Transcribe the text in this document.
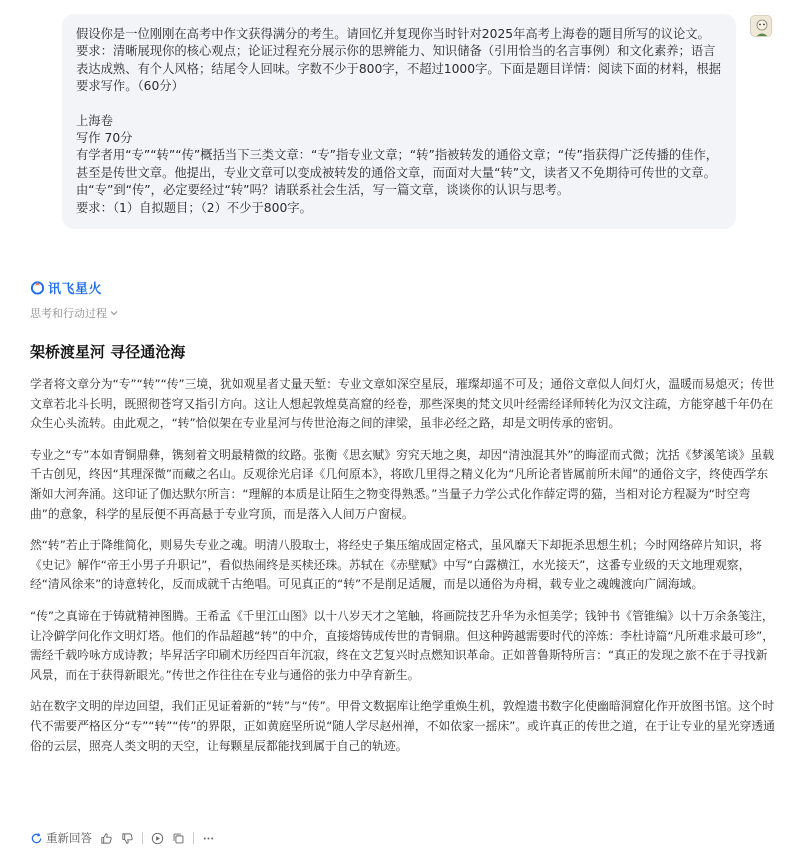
假设你是一位刚刚在高考中作文获得满分的考生。请回忆并复现你当时针对2025年高考上海卷的题目所写的议论文。要求：清晰展现你的核心观点；论证过程充分展示你的思辨能力、知识储备（引用恰当的名言事例）和文化素养；语言表达成熟、有个人风格；结尾令人回味。字数不少于800字，不超过1000字。下面是题目详情：阅读下面的材料，根据要求写作。（60分）

上海卷

写作 70分

有学者用“专”“转”“传”概括当下三类文章：“专”指专业文章；“转”指被转发的通俗文章；“传”指获得广泛传播的佳作，甚至是传世文章。他提出，专业文章可以变成被转发的通俗文章，而面对大量“转”文，读者又不免期待可传世的文章。

由“专”到“传”，必定要经过“转”吗？请联系社会生活，写一篇文章，谈谈你的认识与思考。

要求：（1）自拟题目；（2）不少于800字。

讯飞星火
思考和行动过程
架桥渡星河 寻径通沧海

学者将文章分为“专”“转”“传”三境，犹如观星者丈量天堑：专业文章如深空星辰，璀璨却遥不可及；通俗文章似人间灯火，温暖而易熄灭；传世文章若北斗长明，既照彻苍穹又指引方向。这让人想起敦煌莫高窟的经卷，那些深奥的梵文贝叶经需经译师转化为汉文注疏，方能穿越千年仍在众生心头流转。由此观之，“转”恰似架在专业星河与传世沧海之间的津梁，虽非必经之路，却是文明传承的密钥。

专业之“专”本如青铜鼎彝，镌刻着文明最精微的纹路。张衡《思玄赋》穷究天地之奥，却因“清浊混其外”的晦涩而式微；沈括《梦溪笔谈》虽载千古创见，终因“其理深微”而藏之名山。反观徐光启译《几何原本》，将欧几里得之精义化为“凡所论者皆属前所未闻”的通俗文字，终使西学东渐如大河奔涌。这印证了伽达默尔所言：“理解的本质是让陌生之物变得熟悉。”当量子力学公式化作薛定谔的猫，当相对论方程凝为“时空弯曲”的意象，科学的星辰便不再高悬于专业穹顶，而是落入人间万户窗棂。

然“转”若止于降维简化，则易失专业之魂。明清八股取士，将经史子集压缩成固定格式，虽风靡天下却扼杀思想生机；今时网络碎片知识，将《史记》解作“帝王小男子升职记”，看似热闹终是买椟还珠。苏轼在《赤壁赋》中写“白露横江，水光接天”，这番专业级的天文地理观察，经“清风徐来”的诗意转化，反而成就千古绝唱。可见真正的“转”不是削足适履，而是以通俗为舟楫，载专业之魂魄渡向广阔海域。

“传”之真谛在于铸就精神图腾。王希孟《千里江山图》以十八岁天才之笔触，将画院技艺升华为永恒美学；钱钟书《管锥编》以十万余条笺注，让冷僻学问化作文明灯塔。他们的作品超越“转”的中介，直接熔铸成传世的青铜鼎。但这种跨越需要时代的淬炼：李杜诗篇“凡所难求最可珍”，需经千载吟咏方成诗教；毕昇活字印刷术历经四百年沉寂，终在文艺复兴时点燃知识革命。正如普鲁斯特所言：“真正的发现之旅不在于寻找新风景，而在于获得新眼光。”传世之作往往在专业与通俗的张力中孕育新生。

站在数字文明的岸边回望，我们正见证着新的“转”与“传”。甲骨文数据库让绝学重焕生机，敦煌遗书数字化使幽暗洞窟化作开放图书馆。这个时代不需要严格区分“专”“转”“传”的界限，正如黄庭坚所说“随人学尽赵州禅，不如依家一摇床”。或许真正的传世之道，在于让专业的星光穿透通俗的云层，照亮人类文明的天空，让每颗星辰都能找到属于自己的轨迹。

重新回答
